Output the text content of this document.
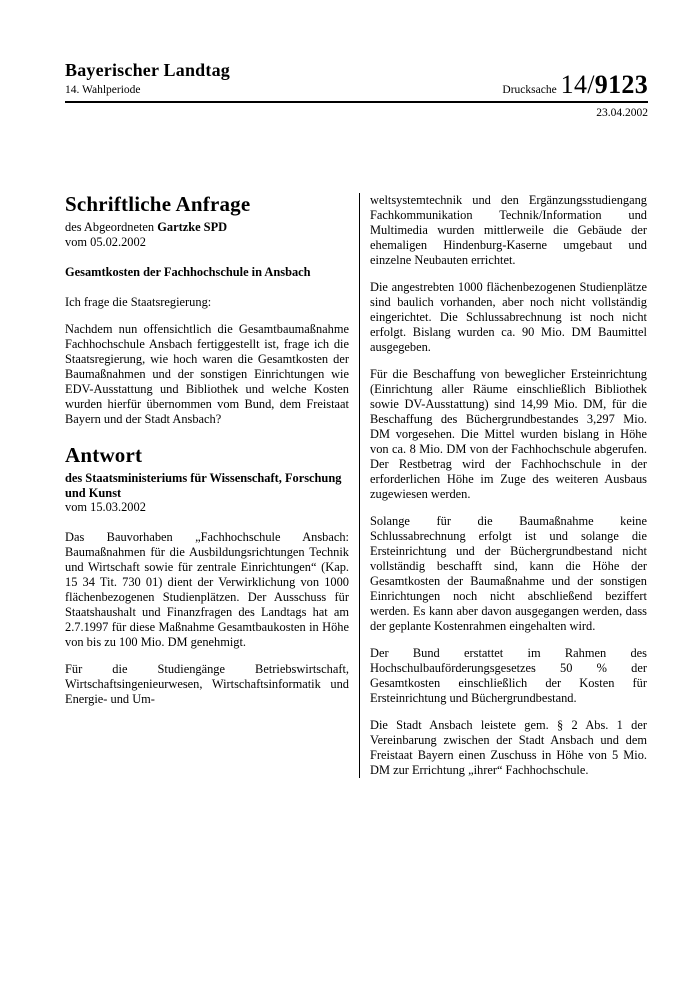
Bayerischer Landtag
14. Wahlperiode	Drucksache 14/9123
23.04.2002
Schriftliche Anfrage

des Abgeordneten Gartzke SPD

vom 05.02.2002

Gesamtkosten der Fachhochschule in Ansbach

Ich frage die Staatsregierung:

Nachdem nun offensichtlich die Gesamtbaumaßnahme Fachhochschule Ansbach fertiggestellt ist, frage ich die Staatsregierung, wie hoch waren die Gesamtkosten der Baumaßnahmen und der sonstigen Einrichtungen wie EDV-Ausstattung und Bibliothek und welche Kosten wurden hierfür übernommen vom Bund, dem Freistaat Bayern und der Stadt Ansbach?

Antwort

des Staatsministeriums für Wissenschaft, Forschung und Kunst

vom 15.03.2002

Das Bauvorhaben „Fachhochschule Ansbach: Baumaßnahmen für die Ausbildungsrichtungen Technik und Wirtschaft sowie für zentrale Einrichtungen“ (Kap. 15 34 Tit. 730 01) dient der Verwirklichung von 1000 flächenbezogenen Studienplätzen. Der Ausschuss für Staatshaushalt und Finanzfragen des Landtags hat am 2.7.1997 für diese Maßnahme Gesamtbaukosten in Höhe von bis zu 100 Mio. DM genehmigt.

Für die Studiengänge Betriebswirtschaft, Wirtschaftsingenieurwesen, Wirtschaftsinformatik und Energie- und Um-

weltsystemtechnik und den Ergänzungsstudiengang Fachkommunikation Technik/Information und Multimedia wurden mittlerweile die Gebäude der ehemaligen Hindenburg-Kaserne umgebaut und einzelne Neubauten errichtet.

Die angestrebten 1000 flächenbezogenen Studienplätze sind baulich vorhanden, aber noch nicht vollständig eingerichtet. Die Schlussabrechnung ist noch nicht erfolgt. Bislang wurden ca. 90 Mio. DM Baumittel ausgegeben.

Für die Beschaffung von beweglicher Ersteinrichtung (Einrichtung aller Räume einschließlich Bibliothek sowie DV-Ausstattung) sind 14,99 Mio. DM, für die Beschaffung des Büchergrundbestandes 3,297 Mio. DM vorgesehen. Die Mittel wurden bislang in Höhe von ca. 8 Mio. DM von der Fachhochschule abgerufen. Der Restbetrag wird der Fachhochschule in der erforderlichen Höhe im Zuge des weiteren Ausbaus zugewiesen werden.

Solange für die Baumaßnahme keine Schlussabrechnung erfolgt ist und solange die Ersteinrichtung und der Büchergrundbestand nicht vollständig beschafft sind, kann die Höhe der Gesamtkosten der Baumaßnahme und der sonstigen Einrichtungen noch nicht abschließend beziffert werden. Es kann aber davon ausgegangen werden, dass der geplante Kostenrahmen eingehalten wird.

Der Bund erstattet im Rahmen des Hochschulbauförderungsgesetzes 50 % der Gesamtkosten einschließlich der Kosten für Ersteinrichtung und Büchergrundbestand.

Die Stadt Ansbach leistete gem. § 2 Abs. 1 der Vereinbarung zwischen der Stadt Ansbach und dem Freistaat Bayern einen Zuschuss in Höhe von 5 Mio. DM zur Errichtung „ihrer“ Fachhochschule.
